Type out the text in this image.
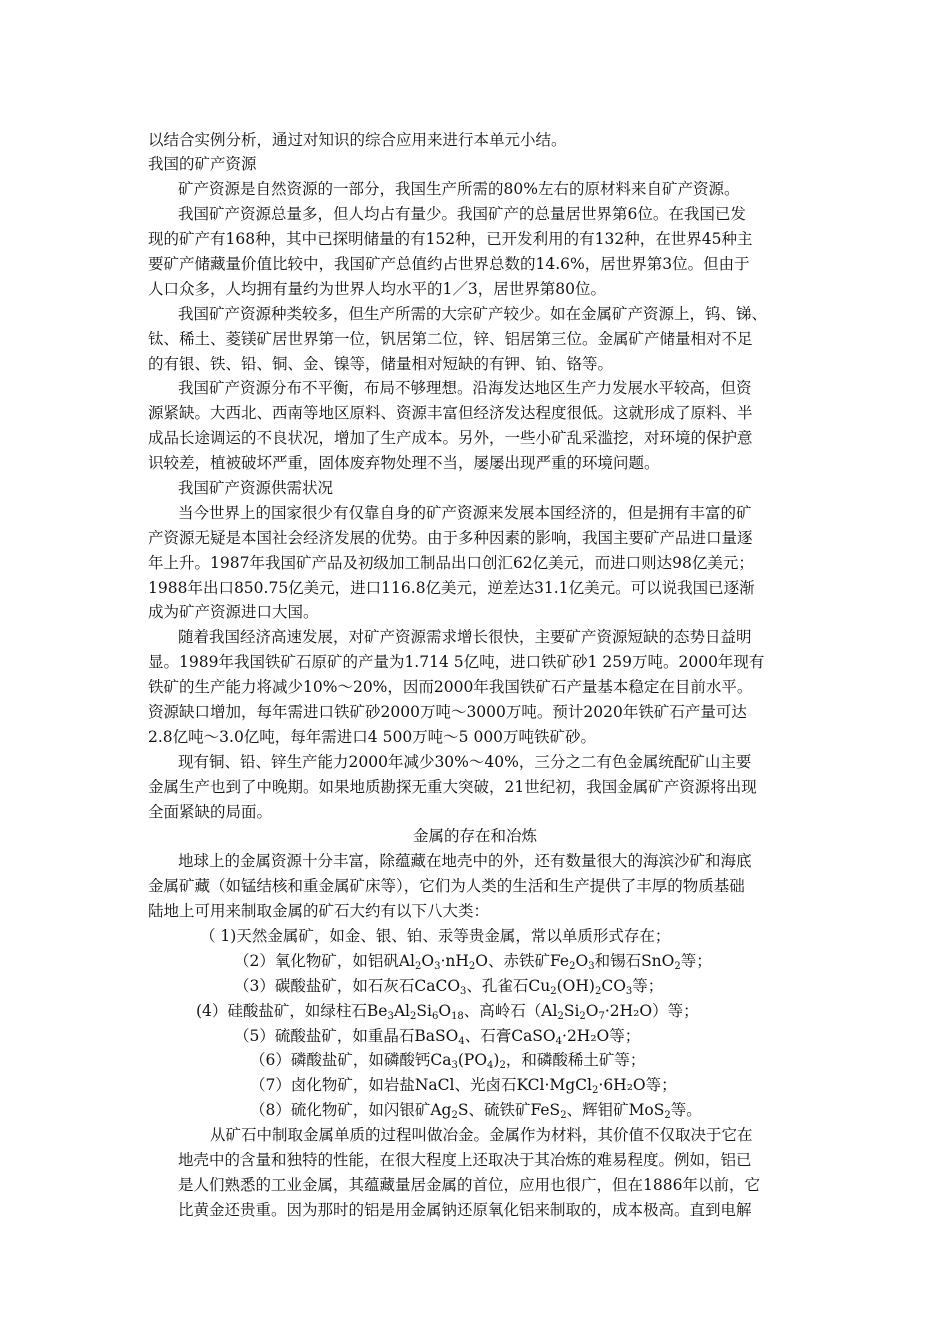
以结合实例分析，通过对知识的综合应用来进行本单元小结。
我国的矿产资源
矿产资源是自然资源的一部分，我国生产所需的80%左右的原材料来自矿产资源。
我国矿产资源总量多，但人均占有量少。我国矿产的总量居世界第6位。在我国已发
现的矿产有168种，其中已探明储量的有152种，已开发利用的有132种，在世界45种主
要矿产储藏量价值比较中，我国矿产总值约占世界总数的14.6%，居世界第3位。但由于
人口众多，人均拥有量约为世界人均水平的1／3，居世界第80位。
我国矿产资源种类较多，但生产所需的大宗矿产较少。如在金属矿产资源上，钨、锑、
钛、稀土、菱镁矿居世界第一位，钒居第二位，锌、铝居第三位。金属矿产储量相对不足
的有银、铁、铅、铜、金、镍等，储量相对短缺的有钾、铂、铬等。
我国矿产资源分布不平衡，布局不够理想。沿海发达地区生产力发展水平较高，但资
源紧缺。大西北、西南等地区原料、资源丰富但经济发达程度很低。这就形成了原料、半
成品长途调运的不良状况，增加了生产成本。另外，一些小矿乱采滥挖，对环境的保护意
识较差，植被破坏严重，固体废弃物处理不当，屡屡出现严重的环境问题。
我国矿产资源供需状况
当今世界上的国家很少有仅靠自身的矿产资源来发展本国经济的，但是拥有丰富的矿
产资源无疑是本国社会经济发展的优势。由于多种因素的影响，我国主要矿产品进口量逐
年上升。1987年我国矿产品及初级加工制品出口创汇62亿美元，而进口则达98亿美元；
1988年出口850.75亿美元，进口116.8亿美元，逆差达31.1亿美元。可以说我国已逐渐
成为矿产资源进口大国。
随着我国经济高速发展，对矿产资源需求增长很快，主要矿产资源短缺的态势日益明
显。1989年我国铁矿石原矿的产量为1.714 5亿吨，进口铁矿砂1 259万吨。2000年现有
铁矿的生产能力将减少10%～20%，因而2000年我国铁矿石产量基本稳定在目前水平。
资源缺口增加，每年需进口铁矿砂2000万吨～3000万吨。预计2020年铁矿石产量可达
2.8亿吨～3.0亿吨，每年需进口4 500万吨～5 000万吨铁矿砂。
现有铜、铅、锌生产能力2000年减少30%～40%，三分之二有色金属统配矿山主要
金属生产也到了中晚期。如果地质勘探无重大突破，21世纪初，我国金属矿产资源将出现
全面紧缺的局面。
金属的存在和冶炼
地球上的金属资源十分丰富，除蕴藏在地壳中的外，还有数量很大的海滨沙矿和海底
金属矿藏（如锰结核和重金属矿床等），它们为人类的生活和生产提供了丰厚的物质基础
陆地上可用来制取金属的矿石大约有以下八大类：
（ 1)天然金属矿，如金、银、铂、汞等贵金属，常以单质形式存在；
（2）氧化物矿，如铝矾$Al_2O_3\cdot nH_2O$、赤铁矿$Fe_2O_3$和锡石SnO$_2$等；
（3）碳酸盐矿，如石灰石CaCO$_3$、孔雀石$Cu_2(OH)_2CO_3$等；
(4）硅酸盐矿，如绿柱石$Be_3Al_2Si_6O_{18}$、高岭石$(Al_2Si_2O_7\cdot 2H_2O)$等；
（5）硫酸盐矿，如重晶石BaSO$_4$、石膏CaSO$_4$·2H₂O等；
（6）磷酸盐矿，如磷酸钙$Ca_3(PO_4)_2$，和磷酸稀土矿等；
（7）卤化物矿，如岩盐NaCl、光卤石KCl·MgCl$_2$·6H₂O等；
（8）硫化物矿，如闪银矿$Ag_2S$、硫铁矿FeS$_2$、辉钼矿MoS$_2$等。
从矿石中制取金属单质的过程叫做冶金。金属作为材料，其价值不仅取决于它在
地壳中的含量和独特的性能，在很大程度上还取决于其冶炼的难易程度。例如，铝已
是人们熟悉的工业金属，其蕴藏量居金属的首位，应用也很广，但在1886年以前，它
比黄金还贵重。因为那时的铝是用金属钠还原氧化铝来制取的，成本极高。直到电解
